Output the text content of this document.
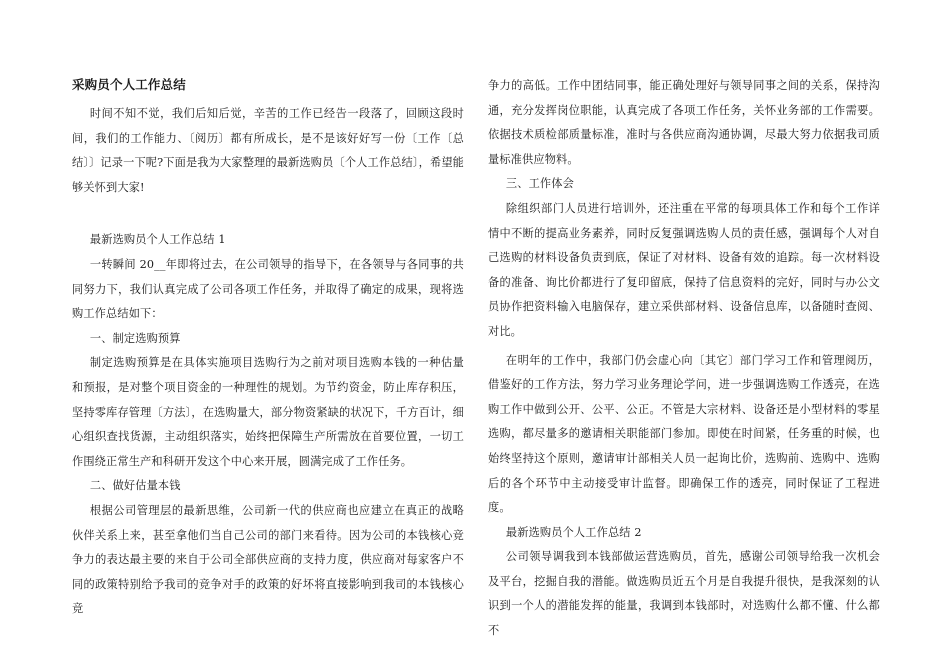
采购员个人工作总结

时间不知不觉，我们后知后觉，辛苦的工作已经告一段落了，回顾这段时间，我们的工作能力、〔阅历〕都有所成长，是不是该好好写一份〔工作〔总结〕〕记录一下呢?下面是我为大家整理的最新选购员〔个人工作总结〕，希望能够关怀到大家!

最新选购员个人工作总结 1

一转瞬间 20__年即将过去，在公司领导的指导下，在各领导与各同事的共同努力下，我们认真完成了公司各项工作任务，并取得了确定的成果，现将选购工作总结如下：

一、制定选购预算

制定选购预算是在具体实施项目选购行为之前对项目选购本钱的一种估量和预报，是对整个项目资金的一种理性的规划。为节约资金，防止库存积压，坚持零库存管理〔方法〕，在选购量大，部分物资紧缺的状况下，千方百计，细心组织查找货源，主动组织落实，始终把保障生产所需放在首要位置，一切工作围绕正常生产和科研开发这个中心来开展，圆满完成了工作任务。

二、做好估量本钱

根据公司管理层的最新思维，公司新一代的供应商也应建立在真正的战略伙伴关系上来，甚至拿他们当自己公司的部门来看待。因为公司的本钱核心竞争力的表达最主要的来自于公司全部供应商的支持力度，供应商对每家客户不同的政策特别给予我司的竞争对手的政策的好坏将直接影响到我司的本钱核心竞

争力的高低。工作中团结同事，能正确处理好与领导同事之间的关系，保持沟通，充分发挥岗位职能，认真完成了各项工作任务，关怀业务部的工作需要。依据技术质检部质量标准，准时与各供应商沟通协调，尽最大努力依据我司质量标准供应物料。

三、工作体会

除组织部门人员进行培训外，还注重在平常的每项具体工作和每个工作详情中不断的提高业务素养，同时反复强调选购人员的责任感，强调每个人对自己选购的材料设备负责到底，保证了对材料、设备有效的追踪。每一次材料设备的准备、询比价都进行了复印留底，保持了信息资料的完好，同时与办公文员协作把资料输入电脑保存，建立采供部材料、设备信息库，以备随时查阅、对比。

在明年的工作中，我部门仍会虚心向〔其它〕部门学习工作和管理阅历，借鉴好的工作方法，努力学习业务理论学问，进一步强调选购工作透亮，在选购工作中做到公开、公平、公正。不管是大宗材料、设备还是小型材料的零星选购，都尽量多的邀请相关职能部门参加。即使在时间紧，任务重的时候，也始终坚持这个原则，邀请审计部相关人员一起询比价，选购前、选购中、选购后的各个环节中主动接受审计监督。即确保工作的透亮，同时保证了工程进度。

最新选购员个人工作总结 2

公司领导调我到本钱部做运营选购员，首先，感谢公司领导给我一次机会及平台，挖掘自我的潜能。做选购员近五个月是自我提升很快，是我深刻的认识到一个人的潜能发挥的能量，我调到本钱部时，对选购什么都不懂、什么都不
